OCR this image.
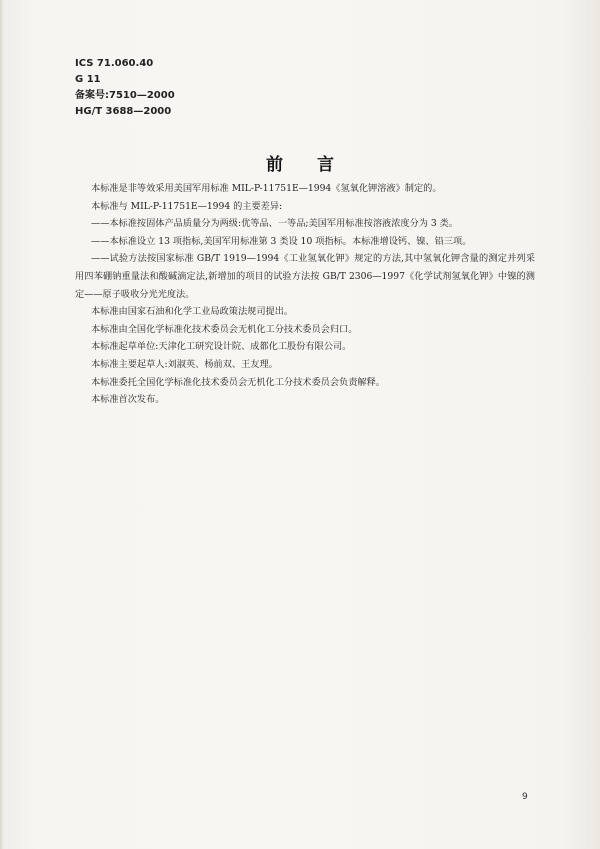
ICS 71.060.40
G 11
备案号:7510—2000
HG/T 3688—2000
前言

本标准是非等效采用美国军用标准 MIL-P-11751E—1994《氢氧化钾溶液》制定的。

本标准与 MIL-P-11751E—1994 的主要差异:

——本标准按固体产品质量分为两级:优等品、一等品;美国军用标准按溶液浓度分为 3 类。

——本标准设立 13 项指标,美国军用标准第 3 类设 10 项指标。本标准增设钙、镍、铅三项。

——试验方法按国家标准 GB/T 1919—1994《工业氢氧化钾》规定的方法,其中氢氧化钾含量的测定并列采用四苯硼钠重量法和酸碱滴定法,新增加的项目的试验方法按 GB/T 2306—1997《化学试剂氢氧化钾》中镍的测定——原子吸收分光光度法。

本标准由国家石油和化学工业局政策法规司提出。

本标准由全国化学标准化技术委员会无机化工分技术委员会归口。

本标准起草单位:天津化工研究设计院、成都化工股份有限公司。

本标准主要起草人:刘淑英、杨前双、王友理。

本标准委托全国化学标准化技术委员会无机化工分技术委员会负责解释。

本标准首次发布。

9
